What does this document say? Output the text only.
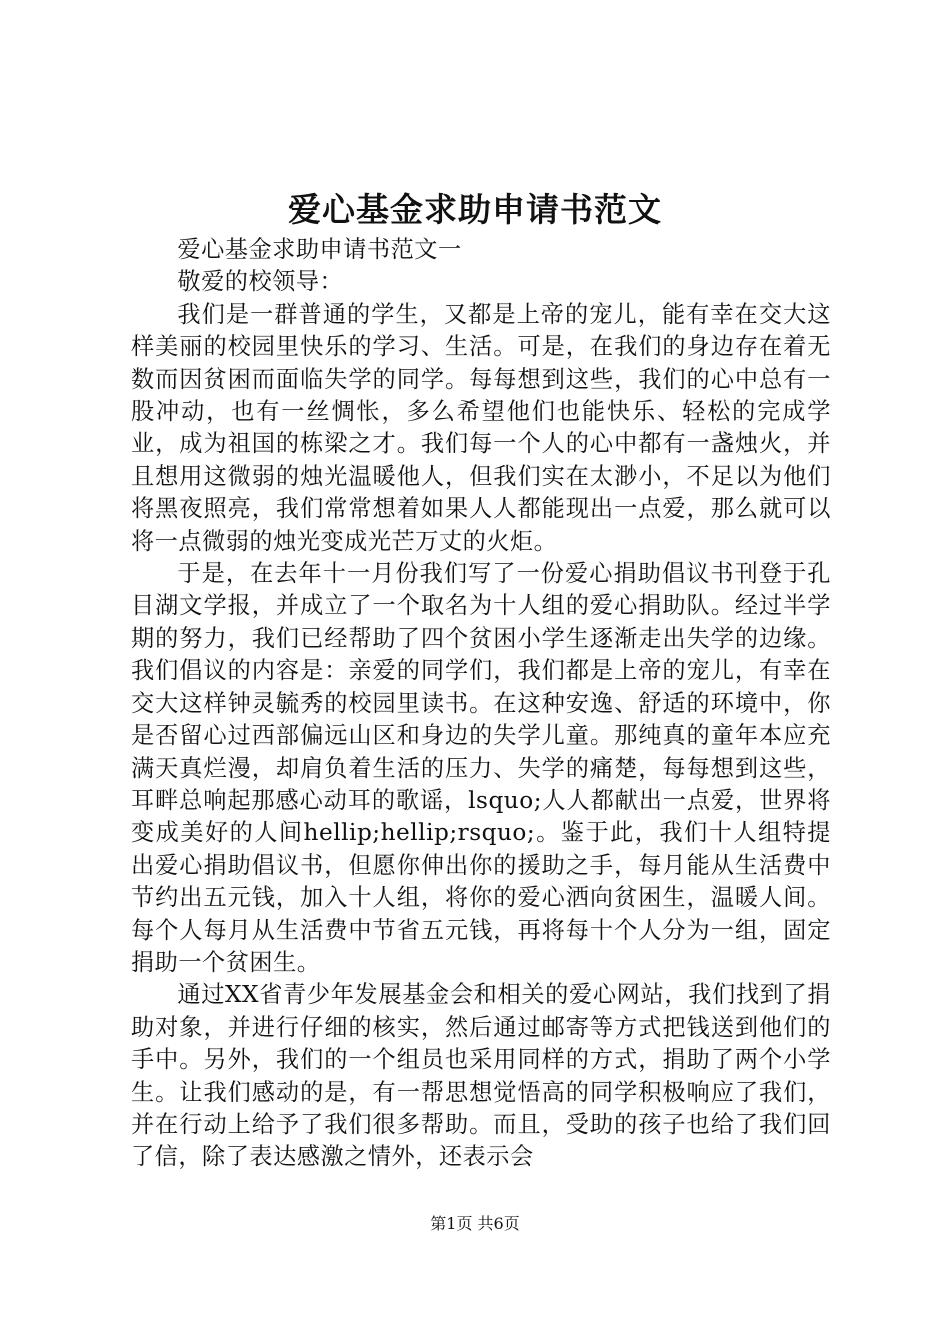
爱心基金求助申请书范文

爱心基金求助申请书范文一

敬爱的校领导：

我们是一群普通的学生，又都是上帝的宠儿，能有幸在交大这样美丽的校园里快乐的学习、生活。可是，在我们的身边存在着无数而因贫困而面临失学的同学。每每想到这些，我们的心中总有一股冲动，也有一丝惆怅，多么希望他们也能快乐、轻松的完成学业，成为祖国的栋梁之才。我们每一个人的心中都有一盏烛火，并且想用这微弱的烛光温暖他人，但我们实在太渺小，不足以为他们将黑夜照亮，我们常常想着如果人人都能现出一点爱，那么就可以将一点微弱的烛光变成光芒万丈的火炬。

于是，在去年十一月份我们写了一份爱心捐助倡议书刊登于孔目湖文学报，并成立了一个取名为十人组的爱心捐助队。经过半学期的努力，我们已经帮助了四个贫困小学生逐渐走出失学的边缘。我们倡议的内容是：亲爱的同学们，我们都是上帝的宠儿，有幸在交大这样钟灵毓秀的校园里读书。在这种安逸、舒适的环境中，你是否留心过西部偏远山区和身边的失学儿童。那纯真的童年本应充满天真烂漫，却肩负着生活的压力、失学的痛楚，每每想到这些，耳畔总响起那感心动耳的歌谣，lsquo;人人都献出一点爱，世界将变成美好的人间hellip;hellip;rsquo;。鉴于此，我们十人组特提出爱心捐助倡议书，但愿你伸出你的援助之手，每月能从生活费中节约出五元钱，加入十人组，将你的爱心洒向贫困生，温暖人间。每个人每月从生活费中节省五元钱，再将每十个人分为一组，固定捐助一个贫困生。

通过XX省青少年发展基金会和相关的爱心网站，我们找到了捐助对象，并进行仔细的核实，然后通过邮寄等方式把钱送到他们的手中。另外，我们的一个组员也采用同样的方式，捐助了两个小学生。让我们感动的是，有一帮思想觉悟高的同学积极响应了我们，并在行动上给予了我们很多帮助。而且，受助的孩子也给了我们回了信，除了表达感激之情外，还表示会

第1页 共6页
